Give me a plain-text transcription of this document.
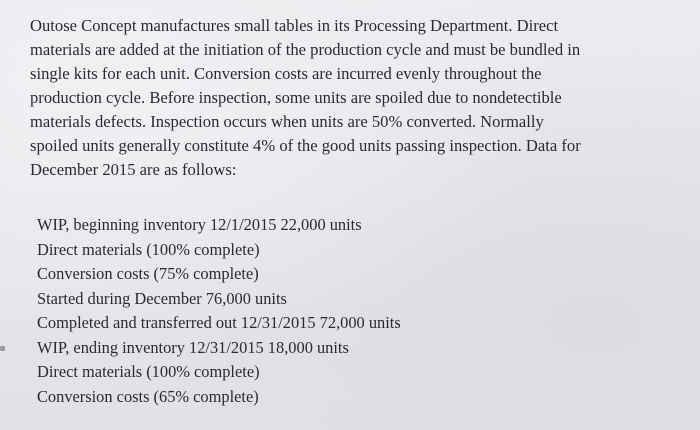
Outose Concept manufactures small tables in its Processing Department. Direct
materials are added at the initiation of the production cycle and must be bundled in
single kits for each unit. Conversion costs are incurred evenly throughout the
production cycle. Before inspection, some units are spoiled due to nondetectible
materials defects. Inspection occurs when units are 50% converted. Normally
spoiled units generally constitute 4% of the good units passing inspection. Data for
December 2015 are as follows:

WIP, beginning inventory 12/1/2015 22,000 units
Direct materials (100% complete)
Conversion costs (75% complete)
Started during December 76,000 units
Completed and transferred out 12/31/2015 72,000 units
WIP, ending inventory 12/31/2015 18,000 units
Direct materials (100% complete)
Conversion costs (65% complete)
